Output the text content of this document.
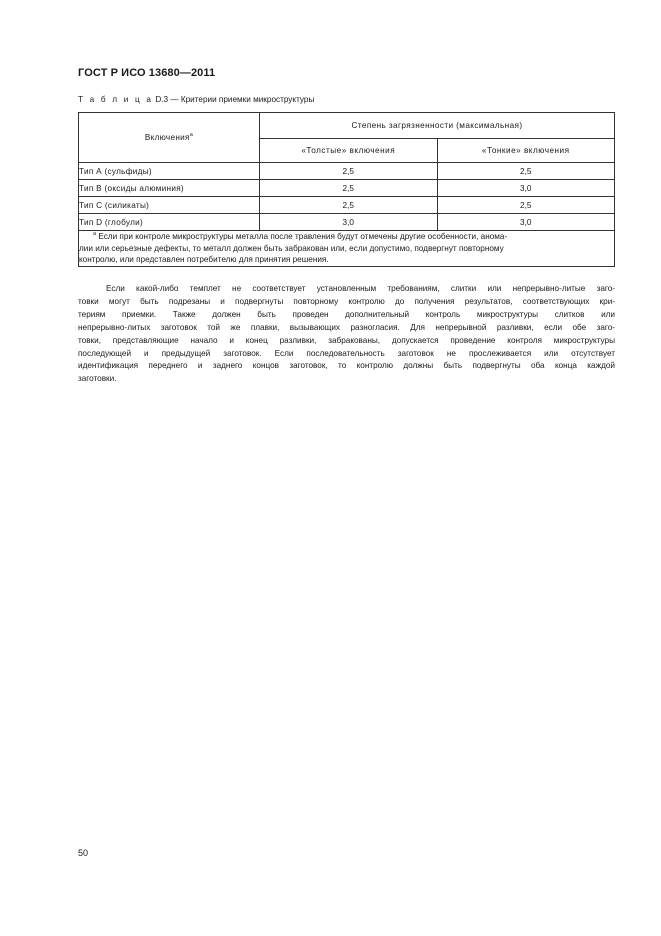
ГОСТ Р ИСО 13680—2011
Т а б л и ц а D.3 — Критерии приемки микроструктуры
Включения$^a$	Степень загрязненности (максимальная)	
	«Толстые» включения	«Тонкие» включения
Тип А (сульфиды)	2,5	2,5
Тип В (оксиды алюминия)	2,5	3,0
Тип С (силикаты)	2,5	2,5
Тип D (глобули)	3,0	3,0

$^a$ Если при контроле микроструктуры металла после травления будут отмечены другие особенности, анома-
лии или серьезные дефекты, то металл должен быть забракован или, если допустимо, подвергнут повторному
контролю, или представлен потребителю для принятия решения.		
Если какой-либо темплет не соответствует установленным требованиям, слитки или непрерывно-литые заго-
товки могут быть подрезаны и подвергнуты повторному контролю до получения результатов, соответствующих кри-
териям приемки. Также должен быть проведен дополнительный контроль микроструктуры слитков или
непрерывно-литых заготовок той же плавки, вызывающих разногласия. Для непрерывной разливки, если обе заго-
товки, представляющие начало и конец разливки, забракованы, допускается проведение контроля микроструктуры
последующей и предыдущей заготовок. Если последовательность заготовок не прослеживается или отсутствует
идентификация переднего и заднего концов заготовок, то контролю должны быть подвергнуты оба конца каждой
заготовки.
50
